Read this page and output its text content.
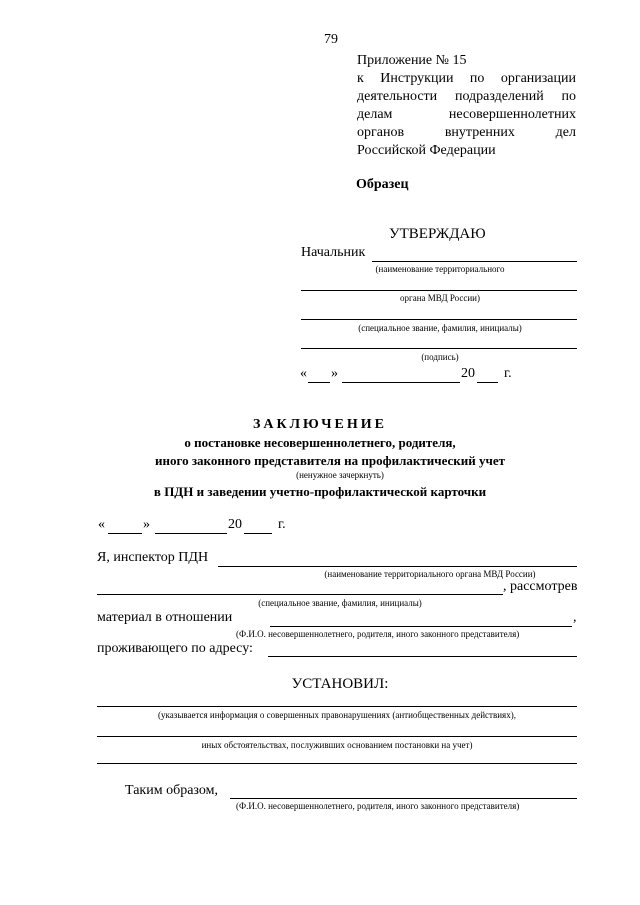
79
Приложение № 15
к Инструкции по организации
деятельности подразделений по
делам несовершеннолетних
органов внутренних дел
Российской Федерации
Образец
УТВЕРЖДАЮ
Начальник
(наименование территориального
органа МВД России)
(специальное звание, фамилия, инициалы)
(подпись)
« »	20 г.
ЗАКЛЮЧЕНИЕ
о постановке несовершеннолетнего, родителя,
иного законного представителя на профилактический учет
(ненужное зачеркнуть)
в ПДН и заведении учетно-профилактической карточки
«	»	20	г.
Я, инспектор ПДН
(наименование территориального органа МВД России)
, рассмотрев
(специальное звание, фамилия, инициалы)
материал в отношении	,
(Ф.И.О. несовершеннолетнего, родителя, иного законного представителя)
проживающего по адресу:
УСТАНОВИЛ:
(указывается информация о совершенных правонарушениях (антиобщественных действиях),
иных обстоятельствах, послуживших основанием постановки на учет)
Таким образом,
(Ф.И.О. несовершеннолетнего, родителя, иного законного представителя)
